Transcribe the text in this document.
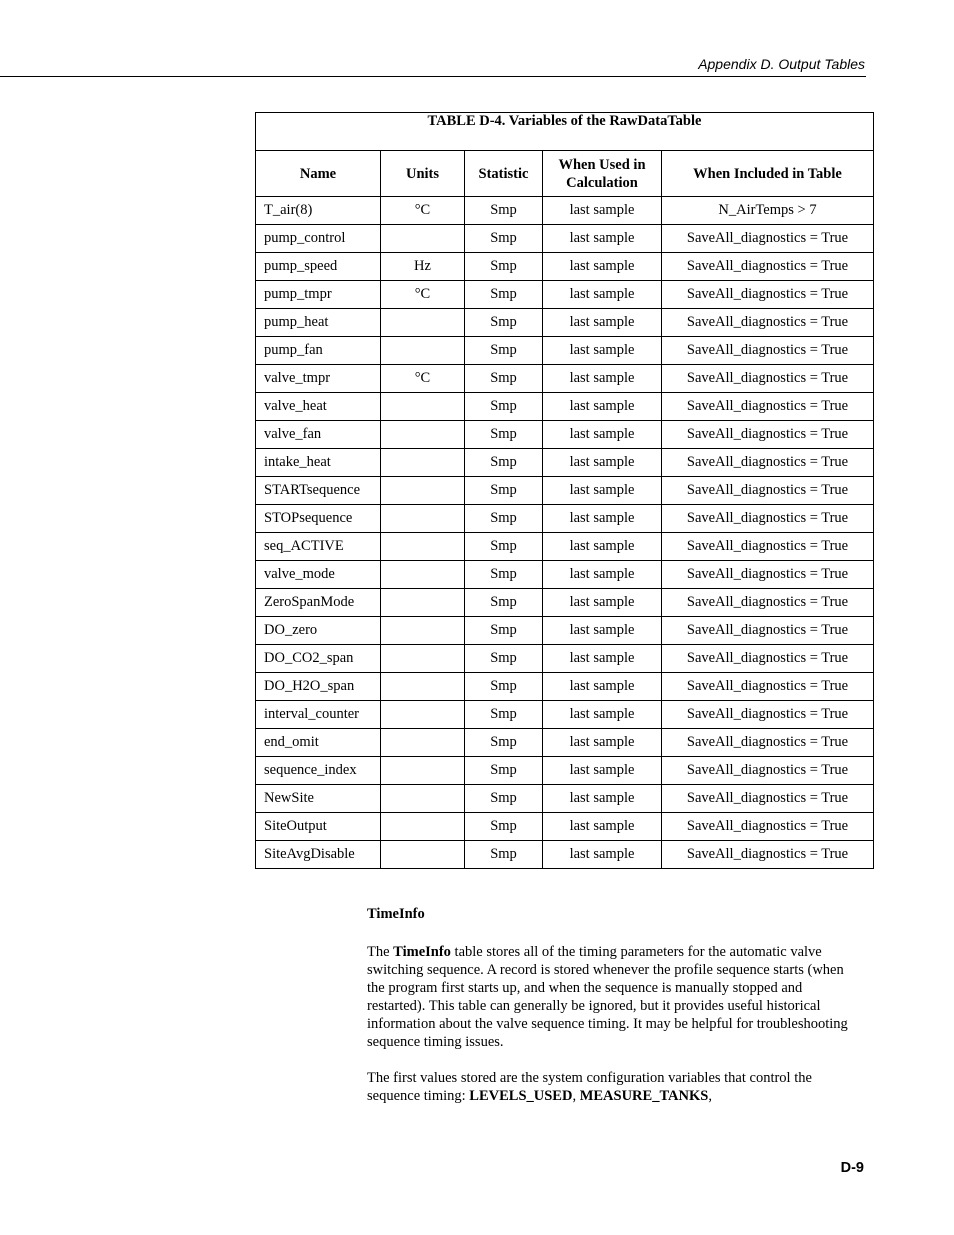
Appendix D. Output Tables
TABLE D-4. Variables of the RawDataTable				
Name	Units	Statistic	When Used in Calculation	When Included in Table
T_air(8)	°C	Smp	last sample	N_AirTemps > 7
pump_control		Smp	last sample	SaveAll_diagnostics = True
pump_speed	Hz	Smp	last sample	SaveAll_diagnostics = True
pump_tmpr	°C	Smp	last sample	SaveAll_diagnostics = True
pump_heat		Smp	last sample	SaveAll_diagnostics = True
pump_fan		Smp	last sample	SaveAll_diagnostics = True
valve_tmpr	°C	Smp	last sample	SaveAll_diagnostics = True
valve_heat		Smp	last sample	SaveAll_diagnostics = True
valve_fan		Smp	last sample	SaveAll_diagnostics = True
intake_heat		Smp	last sample	SaveAll_diagnostics = True
STARTsequence		Smp	last sample	SaveAll_diagnostics = True
STOPsequence		Smp	last sample	SaveAll_diagnostics = True
seq_ACTIVE		Smp	last sample	SaveAll_diagnostics = True
valve_mode		Smp	last sample	SaveAll_diagnostics = True
ZeroSpanMode		Smp	last sample	SaveAll_diagnostics = True
DO_zero		Smp	last sample	SaveAll_diagnostics = True
DO_CO2_span		Smp	last sample	SaveAll_diagnostics = True
DO_H2O_span		Smp	last sample	SaveAll_diagnostics = True
interval_counter		Smp	last sample	SaveAll_diagnostics = True
end_omit		Smp	last sample	SaveAll_diagnostics = True
sequence_index		Smp	last sample	SaveAll_diagnostics = True
NewSite		Smp	last sample	SaveAll_diagnostics = True
SiteOutput		Smp	last sample	SaveAll_diagnostics = True
SiteAvgDisable		Smp	last sample	SaveAll_diagnostics = True
TimeInfo
The TimeInfo table stores all of the timing parameters for the automatic valve switching sequence. A record is stored whenever the profile sequence starts (when the program first starts up, and when the sequence is manually stopped and restarted). This table can generally be ignored, but it provides useful historical information about the valve sequence timing. It may be helpful for troubleshooting sequence timing issues.
The first values stored are the system configuration variables that control the sequence timing: LEVELS_USED, MEASURE_TANKS,
D-9
